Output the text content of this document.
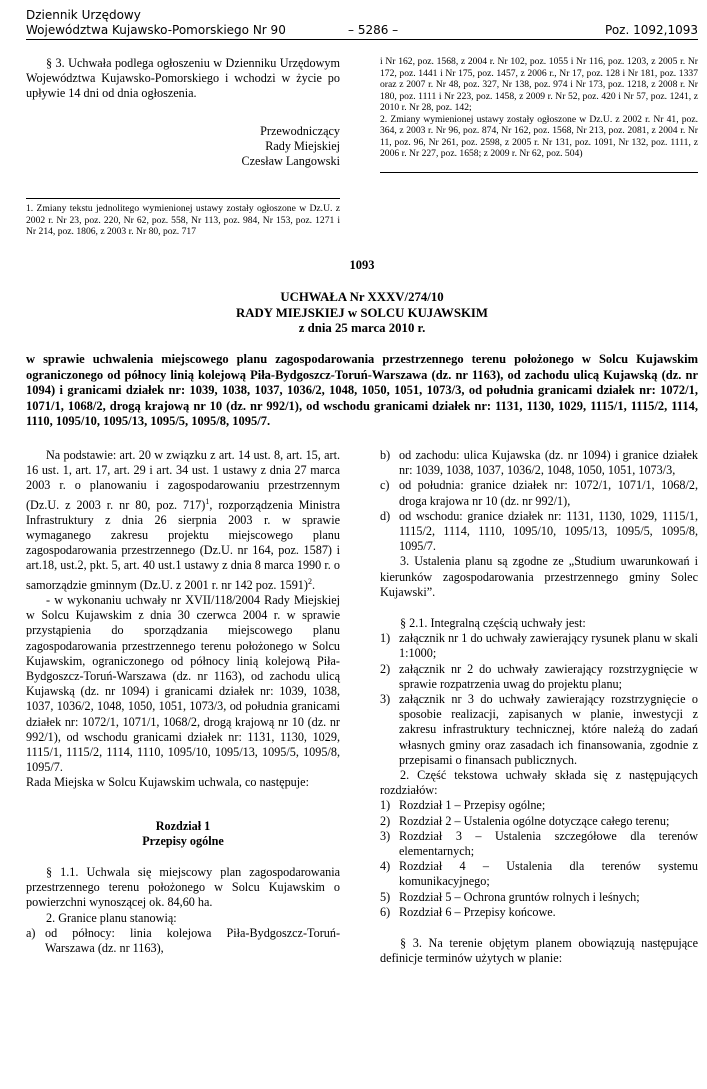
Dziennik Urzędowy
Województwa Kujawsko-Pomorskiego Nr 90	– 5286 –	Poz. 1092,1093

§ 3. Uchwała podlega ogłoszeniu w Dzienniku Urzędowym Województwa Kujawsko-Pomorskiego i wchodzi w życie po upływie 14 dni od dnia ogłoszenia.

Przewodniczący
Rady Miejskiej
Czesław Langowski

1. Zmiany tekstu jednolitego wymienionej ustawy zostały ogłoszone w Dz.U. z 2002 r. Nr 23, poz. 220, Nr 62, poz. 558, Nr 113, poz. 984, Nr 153, poz. 1271 i Nr 214, poz. 1806, z 2003 r. Nr 80, poz. 717

i Nr 162, poz. 1568, z 2004 r. Nr 102, poz. 1055 i Nr 116, poz. 1203, z 2005 r. Nr 172, poz. 1441 i Nr 175, poz. 1457, z 2006 r., Nr 17, poz. 128 i Nr 181, poz. 1337 oraz z 2007 r. Nr 48, poz. 327, Nr 138, poz. 974 i Nr 173, poz. 1218, z 2008 r. Nr 180, poz. 1111 i Nr 223, poz. 1458, z 2009 r. Nr 52, poz. 420 i Nr 57, poz. 1241, z 2010 r. Nr 28, poz. 142;

2. Zmiany wymienionej ustawy zostały ogłoszone w Dz.U. z 2002 r. Nr 41, poz. 364, z 2003 r. Nr 96, poz. 874, Nr 162, poz. 1568, Nr 213, poz. 2081, z 2004 r. Nr 11, poz. 96, Nr 261, poz. 2598, z 2005 r. Nr 131, poz. 1091, Nr 132, poz. 1111, z 2006 r. Nr 227, poz. 1658; z 2009 r. Nr 62, poz. 504)

1093
UCHWAŁA Nr XXXV/274/10
RADY MIEJSKIEJ w SOLCU KUJAWSKIM
z dnia 25 marca 2010 r.

w sprawie uchwalenia miejscowego planu zagospodarowania przestrzennego terenu położonego w Solcu Kujawskim ograniczonego od północy linią kolejową Piła-Bydgoszcz-Toruń-Warszawa (dz. nr 1163), od zachodu ulicą Kujawską (dz. nr 1094) i granicami działek nr: 1039, 1038, 1037, 1036/2, 1048, 1050, 1051, 1073/3, od południa granicami działek nr: 1072/1, 1071/1, 1068/2, drogą krajową nr 10 (dz. nr 992/1), od wschodu granicami działek nr: 1131, 1130, 1029, 1115/1, 1115/2, 1114, 1110, 1095/10, 1095/13, 1095/5, 1095/8, 1095/7.

Na podstawie: art. 20 w związku z art. 14 ust. 8, art. 15, art. 16 ust. 1, art. 17, art. 29 i art. 34 ust. 1 ustawy z dnia 27 marca 2003 r. o planowaniu i zagospodarowaniu przestrzennym (Dz.U. z 2003 r. nr 80, poz. 717)$^1$, rozporządzenia Ministra Infrastruktury z dnia 26 sierpnia 2003 r. w sprawie wymaganego zakresu projektu miejscowego planu zagospodarowania przestrzennego (Dz.U. nr 164, poz. 1587) i art.18, ust.2, pkt. 5, art. 40 ust.1 ustawy z dnia 8 marca 1990 r. o samorządzie gminnym (Dz.U. z 2001 r. nr 142 poz. 1591)$^2$.

- w wykonaniu uchwały nr XVII/118/2004 Rady Miejskiej w Solcu Kujawskim z dnia 30 czerwca 2004 r. w sprawie przystąpienia do sporządzania miejscowego planu zagospodarowania przestrzennego terenu położonego w Solcu Kujawskim, ograniczonego od północy linią kolejową Piła-Bydgoszcz-Toruń-Warszawa (dz. nr 1163), od zachodu ulicą Kujawską (dz. nr 1094) i granicami działek nr: 1039, 1038, 1037, 1036/2, 1048, 1050, 1051, 1073/3, od południa granicami działek nr: 1072/1, 1071/1, 1068/2, drogą krajową nr 10 (dz. nr 992/1), od wschodu granicami działek nr: 1131, 1130, 1029, 1115/1, 1115/2, 1114, 1110, 1095/10, 1095/13, 1095/5, 1095/8, 1095/7.

Rada Miejska w Solcu Kujawskim uchwala, co następuje:

Rozdział 1
Przepisy ogólne

§ 1.1. Uchwala się miejscowy plan zagospodarowania przestrzennego terenu położonego w Solcu Kujawskim o powierzchni wynoszącej ok. 84,60 ha.

2. Granice planu stanowią:

a) od północy: linia kolejowa Piła-Bydgoszcz-Toruń-Warszawa (dz. nr 1163),
b) od zachodu: ulica Kujawska (dz. nr 1094) i granice działek nr: 1039, 1038, 1037, 1036/2, 1048, 1050, 1051, 1073/3,
c) od południa: granice działek nr: 1072/1, 1071/1, 1068/2, droga krajowa nr 10 (dz. nr 992/1),
d) od wschodu: granice działek nr: 1131, 1130, 1029, 1115/1, 1115/2, 1114, 1110, 1095/10, 1095/13, 1095/5, 1095/8, 1095/7.

3. Ustalenia planu są zgodne ze „Studium uwarunkowań i kierunków zagospodarowania przestrzennego gminy Solec Kujawski”.

§ 2.1. Integralną częścią uchwały jest:

1) załącznik nr 1 do uchwały zawierający rysunek planu w skali 1:1000;
2) załącznik nr 2 do uchwały zawierający rozstrzygnięcie w sprawie rozpatrzenia uwag do projektu planu;
3) załącznik nr 3 do uchwały zawierający rozstrzygnięcie o sposobie realizacji, zapisanych w planie, inwestycji z zakresu infrastruktury technicznej, które należą do zadań własnych gminy oraz zasadach ich finansowania, zgodnie z przepisami o finansach publicznych.

2. Część tekstowa uchwały składa się z następujących rozdziałów:

1) Rozdział 1 – Przepisy ogólne;
2) Rozdział 2 – Ustalenia ogólne dotyczące całego terenu;
3) Rozdział 3 – Ustalenia szczegółowe dla terenów elementarnych;
4) Rozdział 4 – Ustalenia dla terenów systemu komunikacyjnego;
5) Rozdział 5 – Ochrona gruntów rolnych i leśnych;
6) Rozdział 6 – Przepisy końcowe.

§ 3. Na terenie objętym planem obowiązują następujące definicje terminów użytych w planie:
